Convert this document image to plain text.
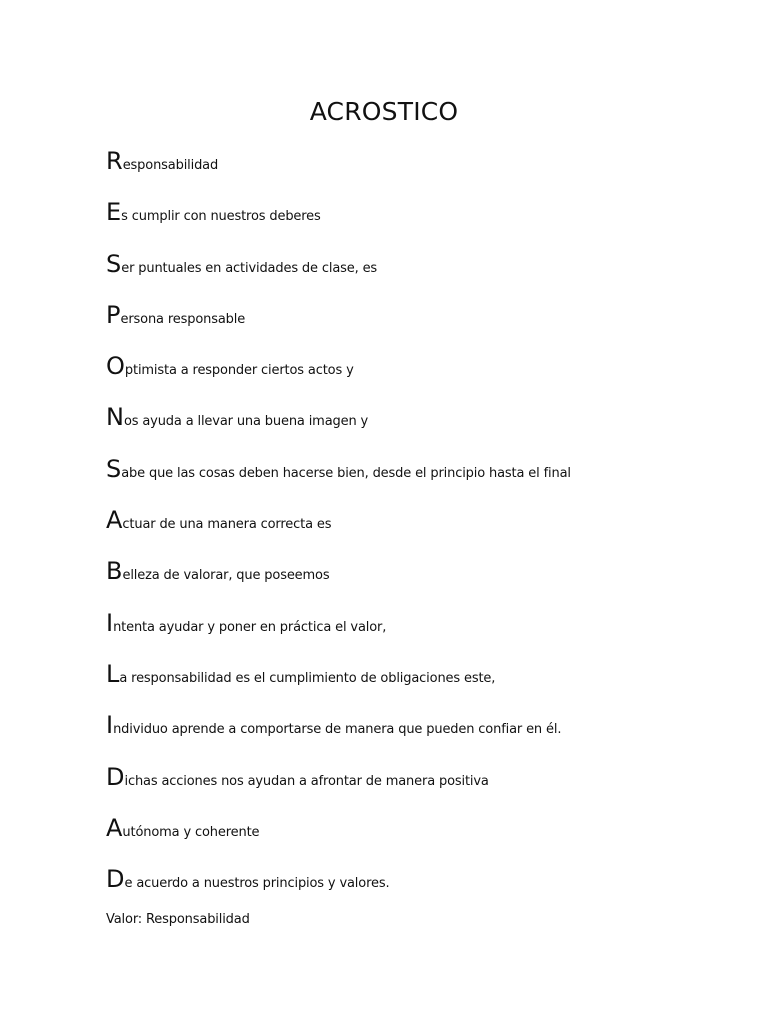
ACROSTICO
R esponsabilidad
E s cumplir con nuestros deberes
S er puntuales en actividades de clase, es
P ersona responsable
O ptimista a responder ciertos actos y
N os ayuda a llevar una buena imagen y
S abe que las cosas deben hacerse bien, desde el principio hasta el final
A ctuar de una manera correcta es
B elleza de valorar, que poseemos
I ntenta ayudar y poner en práctica el valor,
L a responsabilidad es el cumplimiento de obligaciones este,
I ndividuo aprende a comportarse de manera que pueden confiar en él.
D ichas acciones nos ayudan a afrontar de manera positiva
A utónoma y coherente
D e acuerdo a nuestros principios y valores.
Valor: Responsabilidad
